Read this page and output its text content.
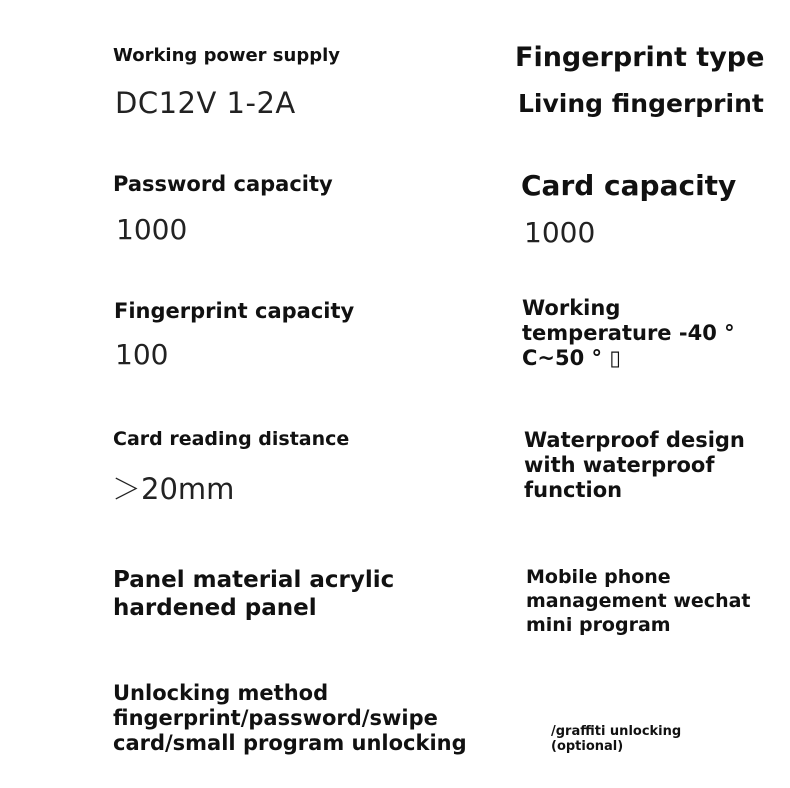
Working power supply
DC12V 1-2A
Fingerprint type
Living fingerprint
Password capacity
1000
Card capacity
1000
Fingerprint capacity
100
Working
temperature -40 °
C~50 ° ▯
Card reading distance
＞20mm
Waterproof design
with waterproof
function
Panel material acrylic
hardened panel
Mobile phone
management wechat
mini program
Unlocking method
fingerprint/password/swipe
card/small program unlocking	/graffiti unlocking
(optional)
